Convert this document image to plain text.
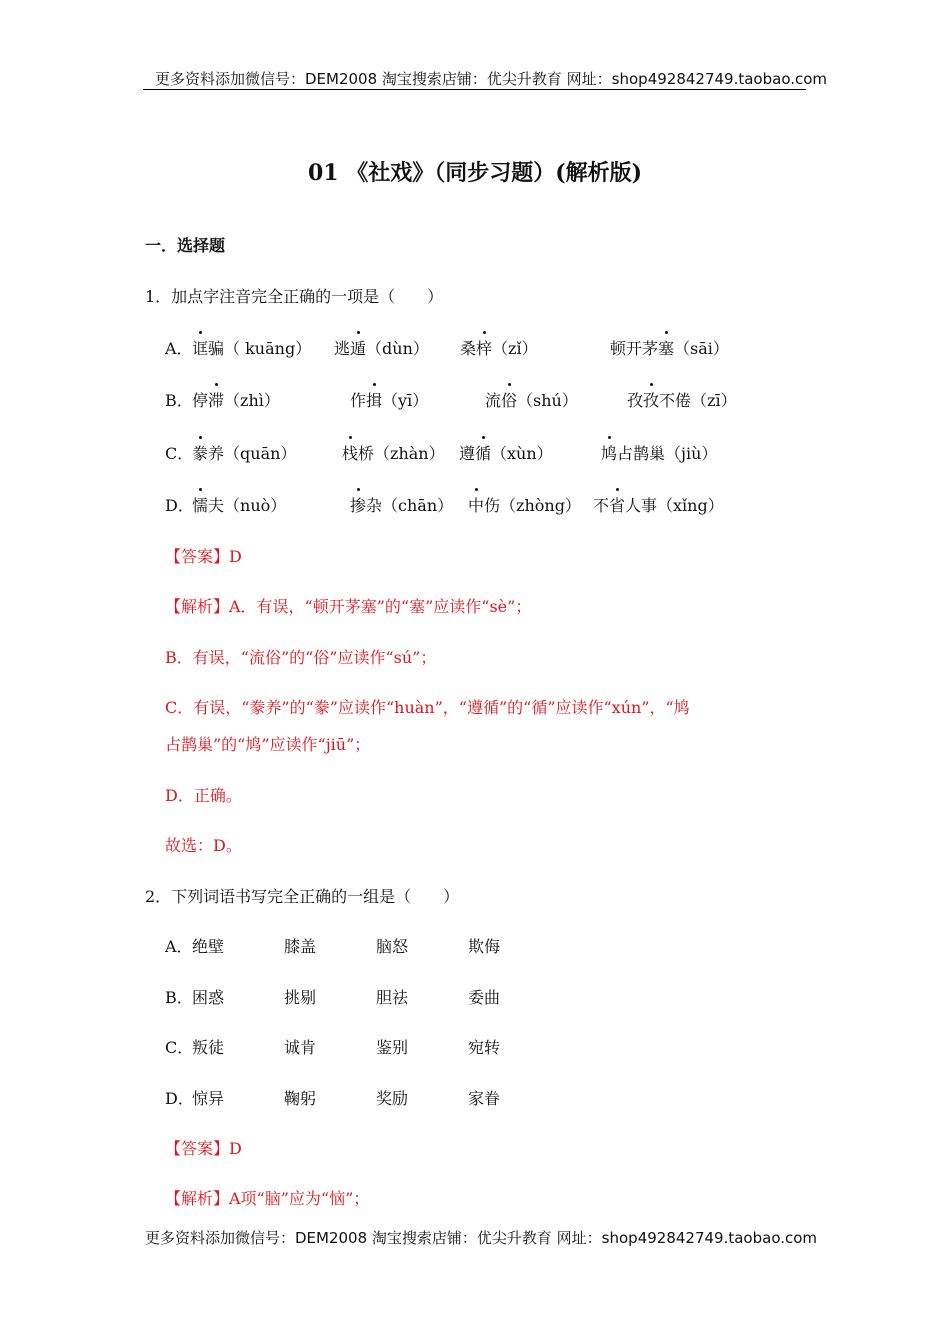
更多资料添加微信号：DEM2008 淘宝搜索店铺：优尖升教育 网址：shop492842749.taobao.com
01 《社戏》（同步习题）(解析版)
一．选择题
1．加点字注音完全正确的一项是（　　）
A． 诓骗（ kuāng） 逃遁（dùn） 桑梓（zǐ）	顿开茅塞（sāi）
B． 停滞（zhì）	作揖（yī）	流俗（shú）	孜孜不倦（zī）
C．
豢养（quān）	栈桥（zhàn） 遵循（xùn）	鸠占鹊巢（jiù）
D．
懦夫（nuò）	掺杂（chān） 中伤（zhòng） 不省人事（xǐng）
【答案】D
【解析】A．有误，“顿开茅塞”的“塞”应读作“sè”；
B．有误，“流俗”的“俗”应读作“sú”；
C．有误，“豢养”的“豢”应读作“huàn”，“遵循”的“循”应读作“xún”，“鸠
占鹊巢”的“鸠”应读作“jiū”；
D．正确。
故选：D。
2．下列词语书写完全正确的一组是（　　）
A． 绝壁	膝盖	脑怒	欺侮
B． 困惑	挑剔	胆祛	委曲
C．
叛徒	诚肯	鉴别	宛转
D．
惊异	鞠躬	奖励	家眷
【答案】D
【解析】A项“脑”应为“恼”；
更多资料添加微信号：DEM2008 淘宝搜索店铺：优尖升教育 网址：shop492842749.taobao.com
